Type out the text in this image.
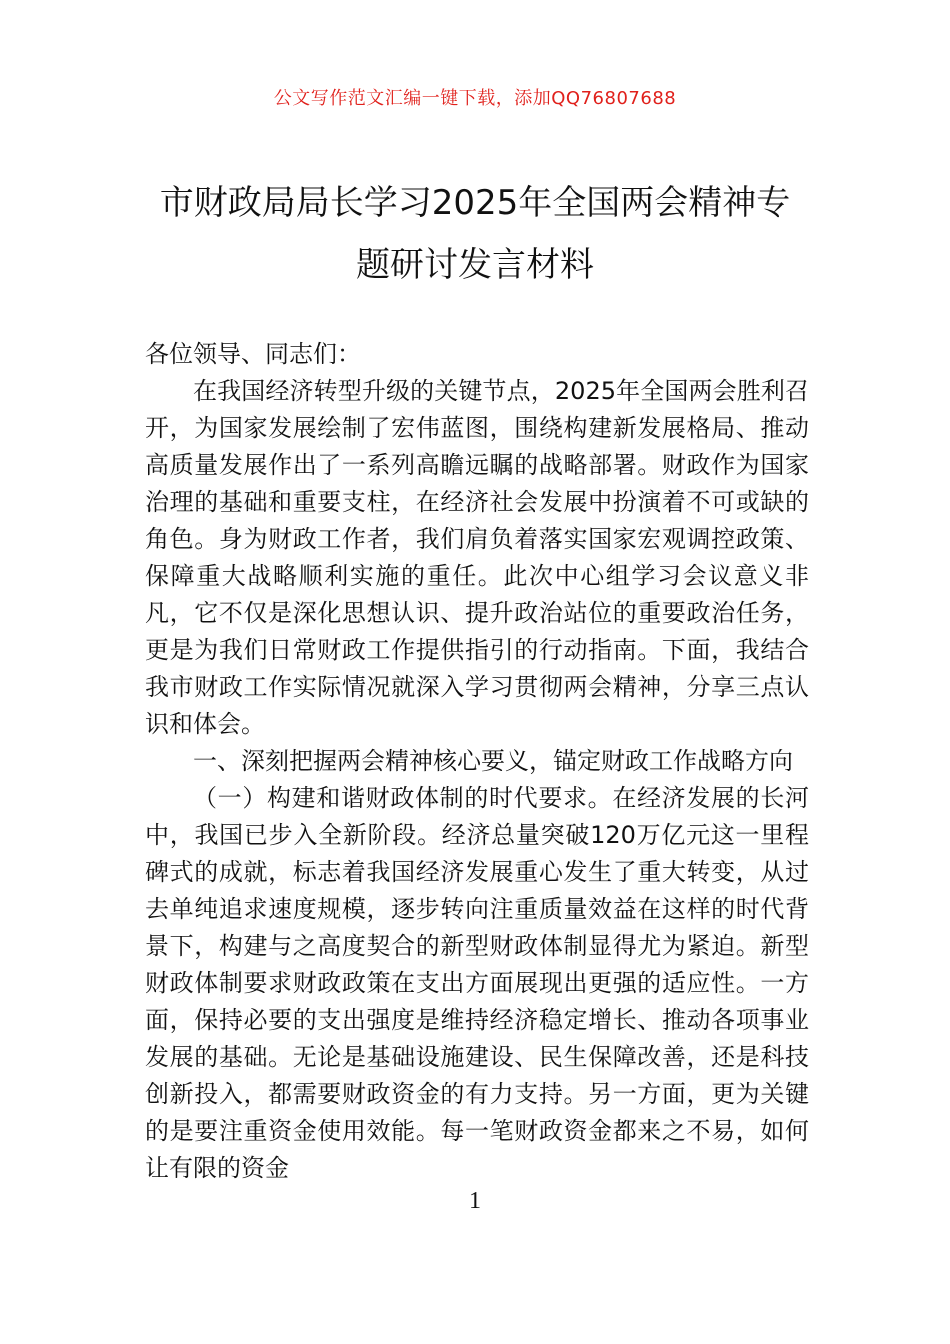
公文写作范文汇编一键下载，添加QQ76807688
市财政局局长学习2025年全国两会精神专题研讨发言材料

各位领导、同志们：

在我国经济转型升级的关键节点，2025年全国两会胜利召开，为国家发展绘制了宏伟蓝图，围绕构建新发展格局、推动高质量发展作出了一系列高瞻远瞩的战略部署。财政作为国家治理的基础和重要支柱，在经济社会发展中扮演着不可或缺的角色。身为财政工作者，我们肩负着落实国家宏观调控政策、保障重大战略顺利实施的重任。此次中心组学习会议意义非凡，它不仅是深化思想认识、提升政治站位的重要政治任务，更是为我们日常财政工作提供指引的行动指南。下面，我结合我市财政工作实际情况就深入学习贯彻两会精神，分享三点认识和体会。

一、深刻把握两会精神核心要义，锚定财政工作战略方向

（一）构建和谐财政体制的时代要求。在经济发展的长河中，我国已步入全新阶段。经济总量突破120万亿元这一里程碑式的成就，标志着我国经济发展重心发生了重大转变，从过去单纯追求速度规模，逐步转向注重质量效益在这样的时代背景下，构建与之高度契合的新型财政体制显得尤为紧迫。新型财政体制要求财政政策在支出方面展现出更强的适应性。一方面，保持必要的支出强度是维持经济稳定增长、推动各项事业发展的基础。无论是基础设施建设、民生保障改善，还是科技创新投入，都需要财政资金的有力支持。另一方面，更为关键的是要注重资金使用效能。每一笔财政资金都来之不易，如何让有限的资金

1
